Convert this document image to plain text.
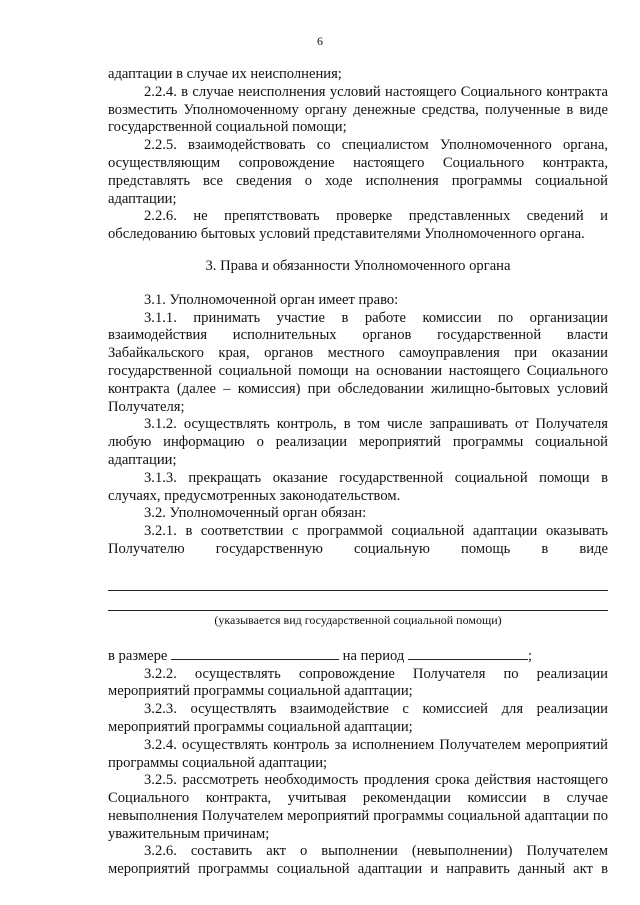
6

адаптации в случае их неисполнения;

2.2.4. в случае неисполнения условий настоящего Социального контракта возместить Уполномоченному органу денежные средства, полученные в виде государственной социальной помощи;

2.2.5. взаимодействовать со специалистом Уполномоченного органа, осуществляющим сопровождение настоящего Социального контракта, представлять все сведения о ходе исполнения программы социальной адаптации;

2.2.6. не препятствовать проверке представленных сведений и обследованию бытовых условий представителями Уполномоченного органа.

3. Права и обязанности Уполномоченного органа

3.1. Уполномоченной орган имеет право:

3.1.1. принимать участие в работе комиссии по организации взаимодействия исполнительных органов государственной власти Забайкальского края, органов местного самоуправления при оказании государственной социальной помощи на основании настоящего Социального контракта (далее – комиссия) при обследовании жилищно-бытовых условий Получателя;

3.1.2. осуществлять контроль, в том числе запрашивать от Получателя любую информацию о реализации мероприятий программы социальной адаптации;

3.1.3. прекращать оказание государственной социальной помощи в случаях, предусмотренных законодательством.

3.2. Уполномоченный орган обязан:

3.2.1. в соответствии с программой социальной адаптации оказывать Получателю государственную социальную помощь в виде

(указывается вид государственной социальной помощи)

в размере	на период	;

3.2.2. осуществлять сопровождение Получателя по реализации мероприятий программы социальной адаптации;

3.2.3. осуществлять взаимодействие с комиссией для реализации мероприятий программы социальной адаптации;

3.2.4. осуществлять контроль за исполнением Получателем мероприятий программы социальной адаптации;

3.2.5. рассмотреть необходимость продления срока действия настоящего Социального контракта, учитывая рекомендации комиссии в случае невыполнения Получателем мероприятий программы социальной адаптации по уважительным причинам;

3.2.6. составить акт о выполнении (невыполнении) Получателем мероприятий программы социальной адаптации и направить данный акт в
